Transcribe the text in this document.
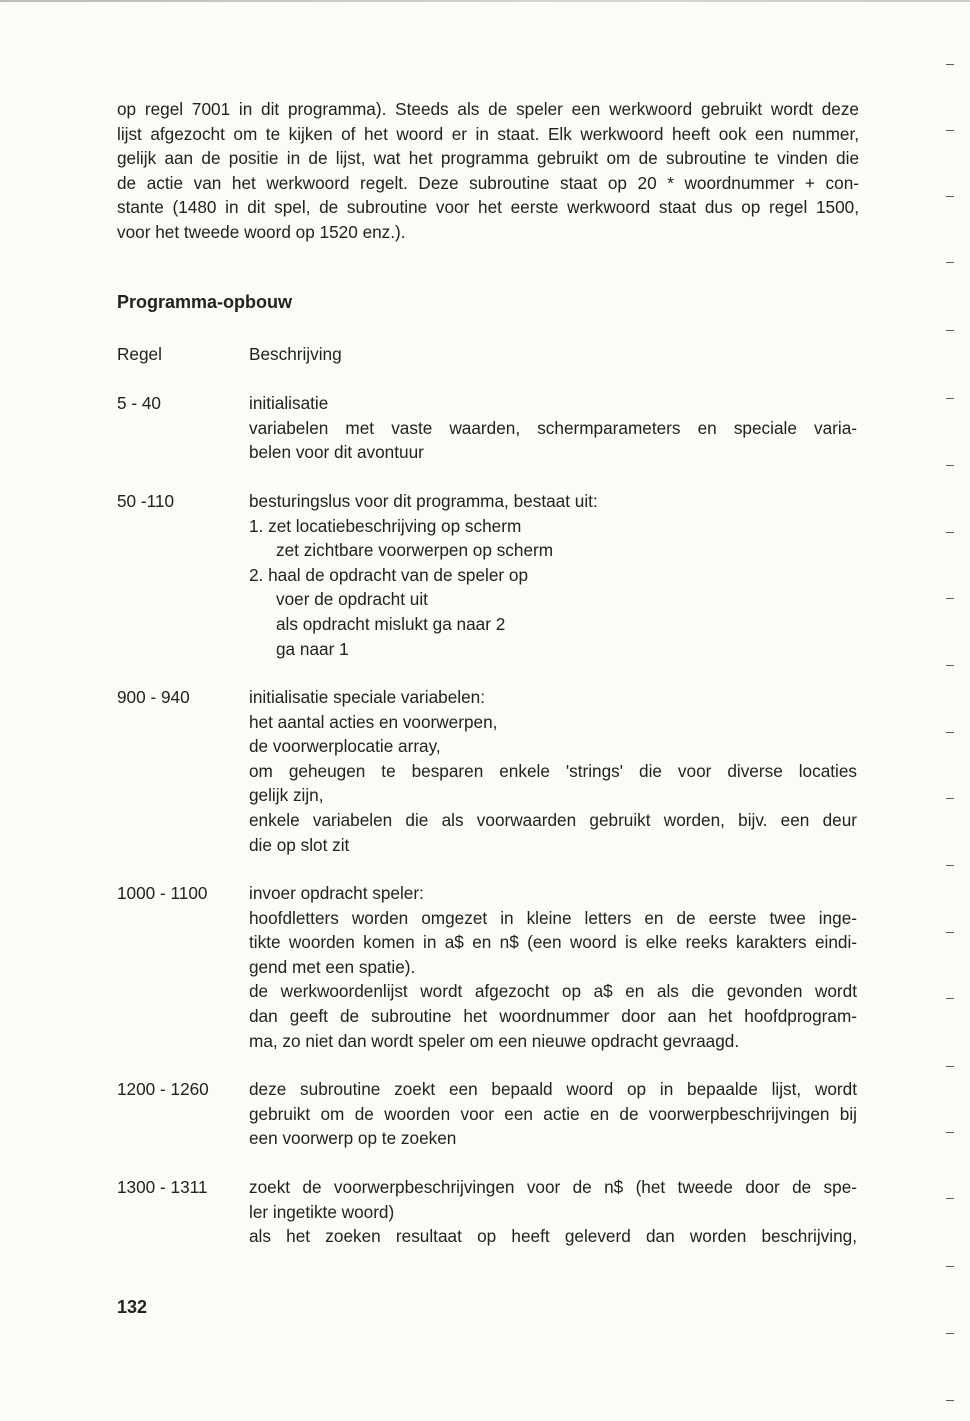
op regel 7001 in dit programma). Steeds als de speler een werkwoord gebruikt wordt deze
lijst afgezocht om te kijken of het woord er in staat. Elk werkwoord heeft ook een nummer,
gelijk aan de positie in de lijst, wat het programma gebruikt om de subroutine te vinden die
de actie van het werkwoord regelt. Deze subroutine staat op 20 * woordnummer + con-
stante (1480 in dit spel, de subroutine voor het eerste werkwoord staat dus op regel 1500,
voor het tweede woord op 1520 enz.).
Programma-opbouw
Regel	Beschrijving
5 - 40	initialisatie
variabelen met vaste waarden, schermparameters en speciale varia-
belen voor dit avontuur
50 -110	besturingslus voor dit programma, bestaat uit:
1. zet locatiebeschrijving op scherm
zet zichtbare voorwerpen op scherm
2. haal de opdracht van de speler op
voer de opdracht uit
als opdracht mislukt ga naar 2
ga naar 1
900 - 940	initialisatie speciale variabelen:
het aantal acties en voorwerpen,
de voorwerplocatie array,
om geheugen te besparen enkele 'strings' die voor diverse locaties
gelijk zijn,
enkele variabelen die als voorwaarden gebruikt worden, bijv. een deur
die op slot zit
1000 - 1100 invoer opdracht speler:
hoofdletters worden omgezet in kleine letters en de eerste twee inge-
tikte woorden komen in a$ en n$ (een woord is elke reeks karakters eindi-
gend met een spatie).
de werkwoordenlijst wordt afgezocht op a$ en als die gevonden wordt
dan geeft de subroutine het woordnummer door aan het hoofdprogram-
ma, zo niet dan wordt speler om een nieuwe opdracht gevraagd.
1200 - 1260 deze subroutine zoekt een bepaald woord op in bepaalde lijst, wordt
gebruikt om de woorden voor een actie en de voorwerpbeschrijvingen bij
een voorwerp op te zoeken
1300 - 1311 zoekt de voorwerpbeschrijvingen voor de n$ (het tweede door de spe-
ler ingetikte woord)
als het zoeken resultaat op heeft geleverd dan worden beschrijving,
132
